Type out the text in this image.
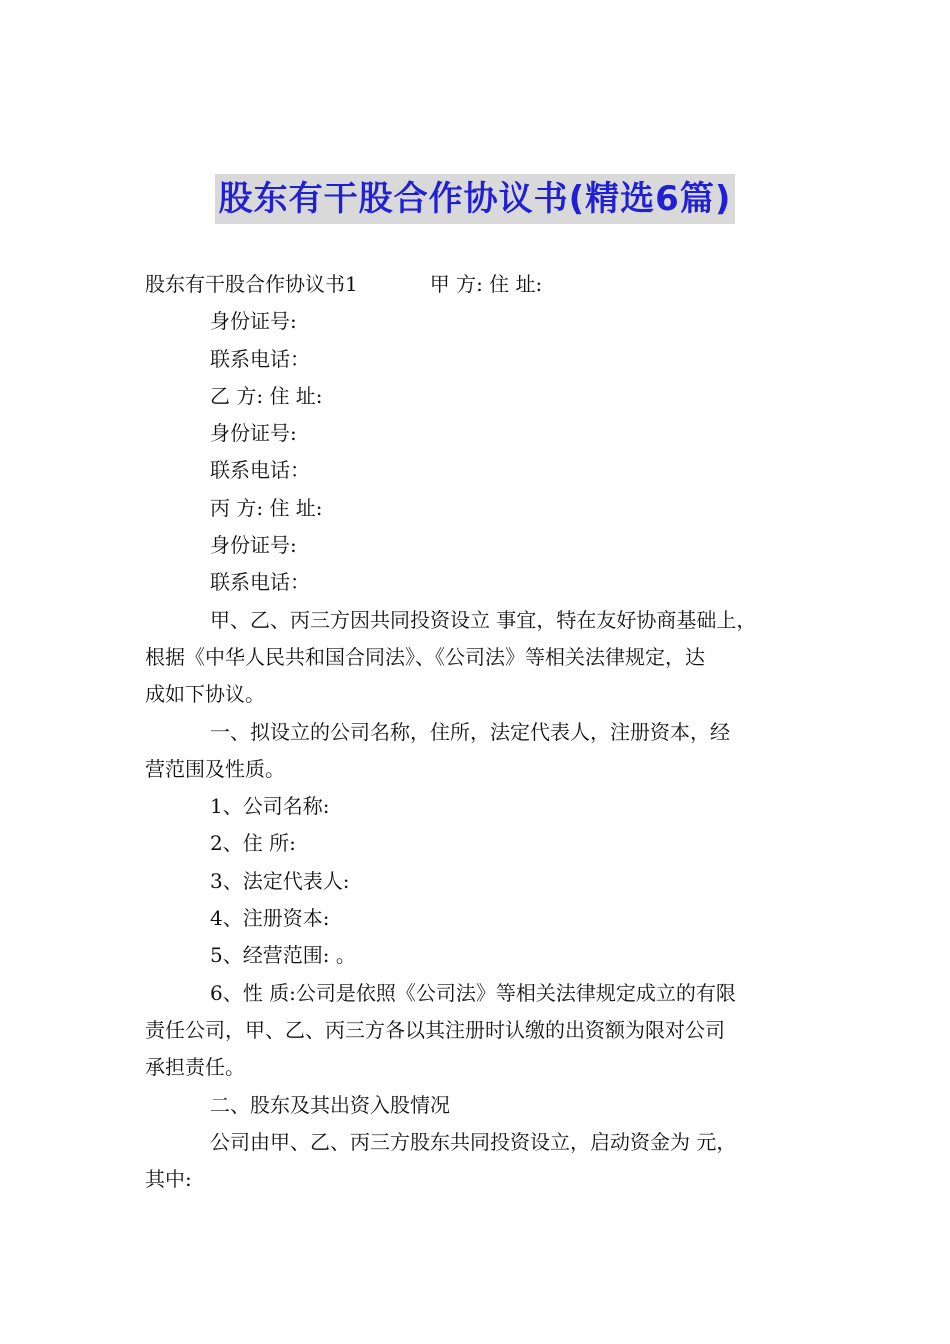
股东有干股合作协议书(精选6篇)
股东有干股合作协议书1	甲 方: 住 址:
身份证号:
联系电话：
乙 方: 住 址:
身份证号:
联系电话：
丙 方: 住 址:
身份证号:
联系电话：
甲、乙、丙三方因共同投资设立 事宜，特在友好协商基础上，
根据《中华人民共和国合同法》、《公司法》等相关法律规定，达
成如下协议。
一、拟设立的公司名称，住所，法定代表人，注册资本，经
营范围及性质。
1、公司名称:
2、住 所:
3、法定代表人:
4、注册资本:
5、经营范围: 。
6、性 质:公司是依照《公司法》等相关法律规定成立的有限
责任公司，甲、乙、丙三方各以其注册时认缴的出资额为限对公司
承担责任。
二、股东及其出资入股情况
公司由甲、乙、丙三方股东共同投资设立，启动资金为 元，
其中:
